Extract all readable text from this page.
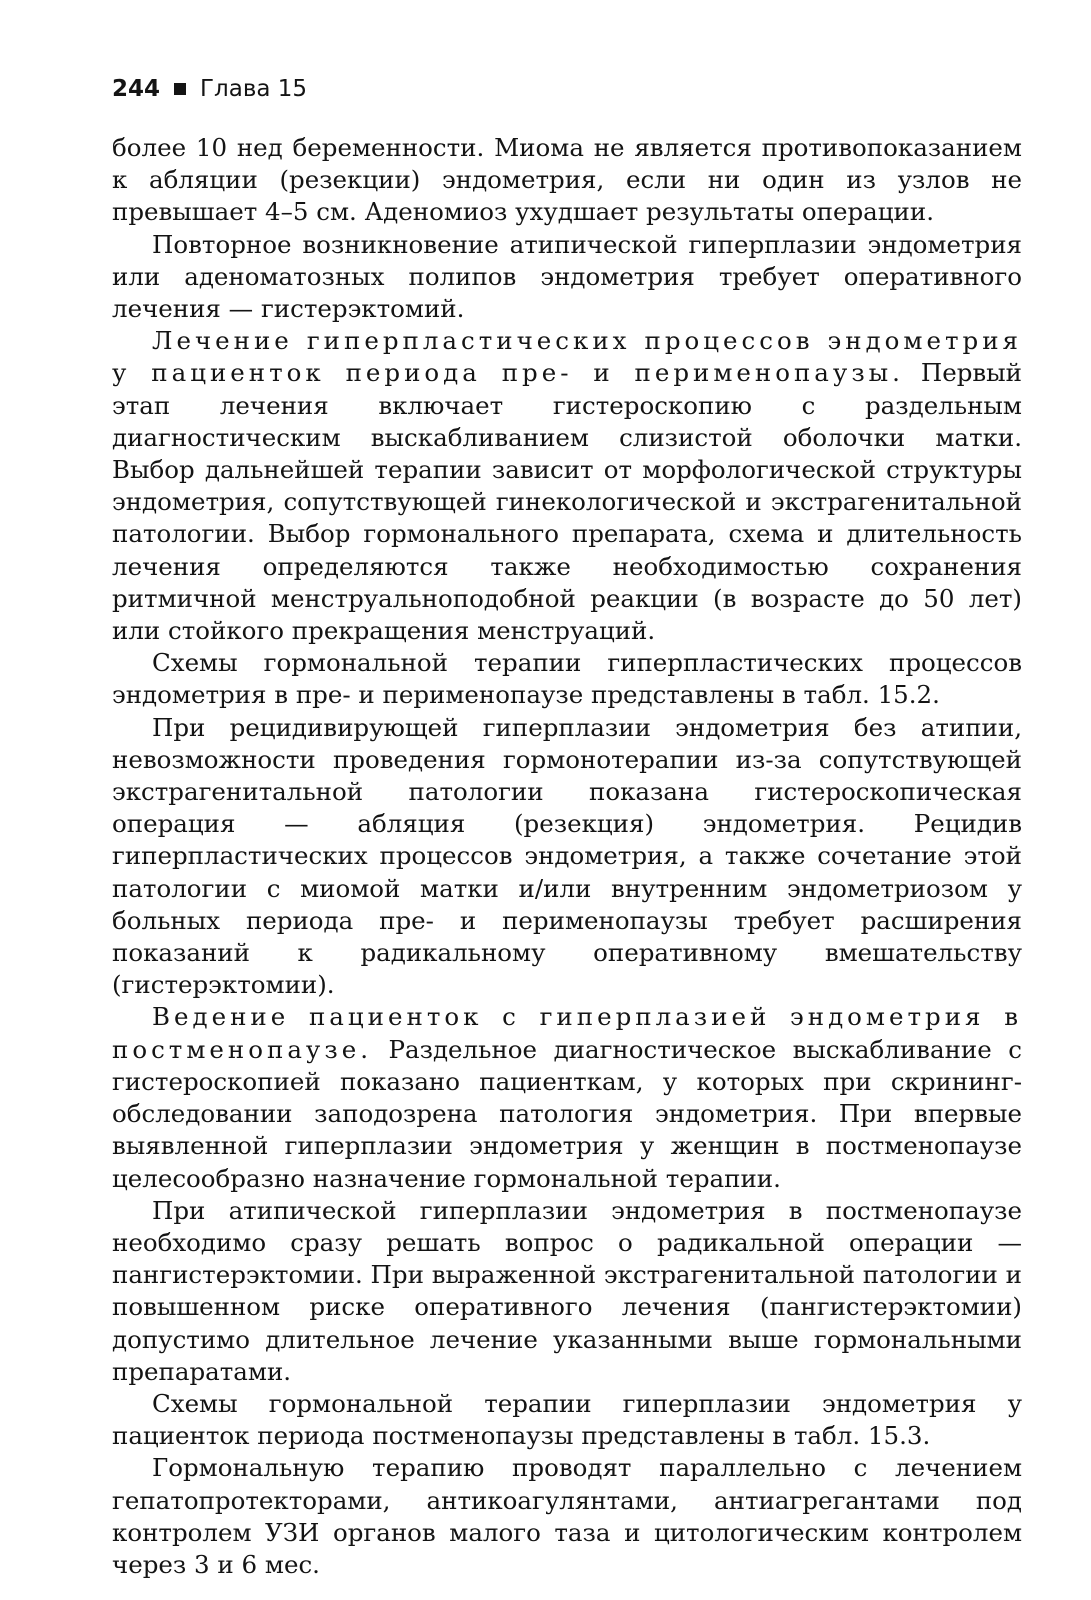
244 Глава 15

более 10 нед беременности. Миома не является противопоказанием к абляции (резекции) эндометрия, если ни один из узлов не превышает 4–5 см. Аденомиоз ухудшает результаты операции.

Повторное возникновение атипической гиперплазии эндометрия или аденоматозных полипов эндометрия требует оперативного лечения — гистерэктомий.

Лечение гиперпластических процессов эндометрия у пациенток периода пре- и перименопаузы. Первый этап лечения включает гистероскопию с раздельным диагностическим выскабливанием слизистой оболочки матки. Выбор дальнейшей терапии зависит от морфологической структуры эндометрия, сопутствующей гинекологической и экстрагенитальной патологии. Выбор гормонального препарата, схема и длительность лечения определяются также необходимостью сохранения ритмичной менструальноподобной реакции (в возрасте до 50 лет) или стойкого прекращения менструаций.

Схемы гормональной терапии гиперпластических процессов эндометрия в пре- и перименопаузе представлены в табл. 15.2.

При рецидивирующей гиперплазии эндометрия без атипии, невозможности проведения гормонотерапии из-за сопутствующей экстрагенитальной патологии показана гистероскопическая операция — абляция (резекция) эндометрия. Рецидив гиперпластических процессов эндометрия, а также сочетание этой патологии с миомой матки и/или внутренним эндометриозом у больных периода пре- и перименопаузы требует расширения показаний к радикальному оперативному вмешательству (гистерэктомии).

Ведение пациенток с гиперплазией эндометрия в постменопаузе. Раздельное диагностическое выскабливание с гистероскопией показано пациенткам, у которых при скрининг-обследовании заподозрена патология эндометрия. При впервые выявленной гиперплазии эндометрия у женщин в постменопаузе целесообразно назначение гормональной терапии.

При атипической гиперплазии эндометрия в постменопаузе необходимо сразу решать вопрос о радикальной операции — пангистерэктомии. При выраженной экстрагенитальной патологии и повышенном риске оперативного лечения (пангистерэктомии) допустимо длительное лечение указанными выше гормональными препаратами.

Схемы гормональной терапии гиперплазии эндометрия у пациенток периода постменопаузы представлены в табл. 15.3.

Гормональную терапию проводят параллельно с лечением гепатопротекторами, антикоагулянтами, антиагрегантами под контролем УЗИ органов малого таза и цитологическим контролем через 3 и 6 мес.
